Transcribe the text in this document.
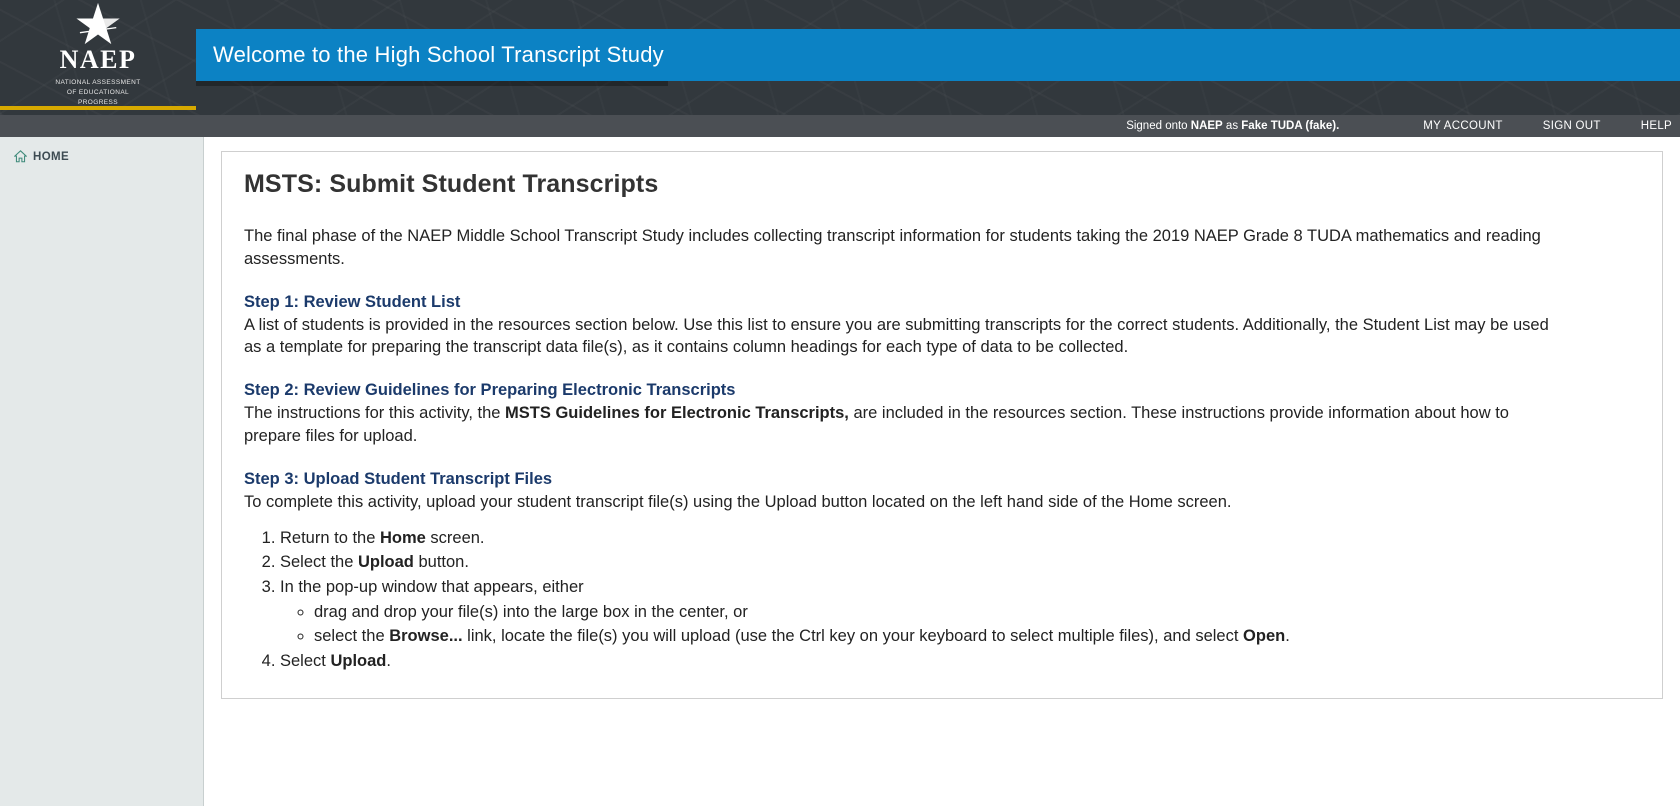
NAEP
NATIONAL ASSESSMENT
OF EDUCATIONAL
PROGRESS
Welcome to the High School Transcript Study
Signed onto NAEP as Fake TUDA (fake).	MY ACCOUNT	SIGN OUT	HELP
HOME
MSTS: Submit Student Transcripts

The final phase of the NAEP Middle School Transcript Study includes collecting transcript information for students taking the 2019 NAEP Grade 8 TUDA mathematics and reading assessments.

Step 1: Review Student List

A list of students is provided in the resources section below. Use this list to ensure you are submitting transcripts for the correct students. Additionally, the Student List may be used as a template for preparing the transcript data file(s), as it contains column headings for each type of data to be collected.

Step 2: Review Guidelines for Preparing Electronic Transcripts

The instructions for this activity, the MSTS Guidelines for Electronic Transcripts, are included in the resources section. These instructions provide information about how to prepare files for upload.

Step 3: Upload Student Transcript Files

To complete this activity, upload your student transcript file(s) using the Upload button located on the left hand side of the Home screen.

1. Return to the Home screen.
2. Select the Upload button.
3. In the pop-up window that appears, either
◦ drag and drop your file(s) into the large box in the center, or
◦ select the Browse... link, locate the file(s) you will upload (use the Ctrl key on your keyboard to select multiple files), and select Open.
4. Select Upload.
